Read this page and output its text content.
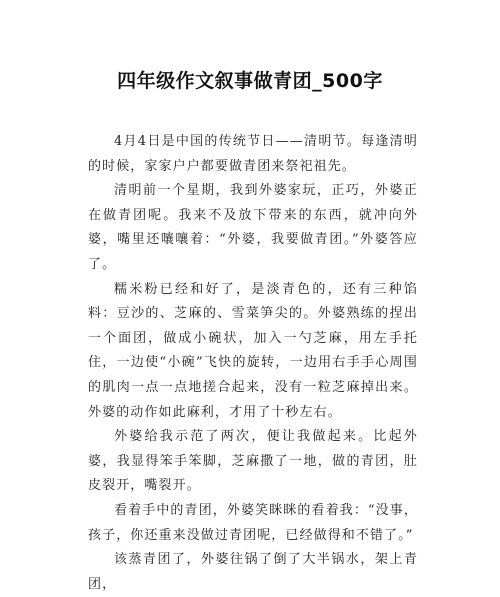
四年级作文叙事做青团_500字

4月4日是中国的传统节日——清明节。每逢清明的时候，家家户户都要做青团来祭祀祖先。

清明前一个星期，我到外婆家玩，正巧，外婆正在做青团呢。我来不及放下带来的东西，就冲向外婆，嘴里还嚷嚷着：“外婆，我要做青团。”外婆答应了。

糯米粉已经和好了，是淡青色的，还有三种馅料：豆沙的、芝麻的、雪菜笋尖的。外婆熟练的捏出一个面团，做成小碗状，加入一勺芝麻，用左手托住，一边使“小碗”飞快的旋转，一边用右手手心周围的肌肉一点一点地搓合起来，没有一粒芝麻掉出来。外婆的动作如此麻利，才用了十秒左右。

外婆给我示范了两次，便让我做起来。比起外婆，我显得笨手笨脚，芝麻撒了一地，做的青团，肚皮裂开，嘴裂开。

看着手中的青团，外婆笑眯眯的看着我：“没事，孩子，你还重来没做过青团呢，已经做得和不错了。”

该蒸青团了，外婆往锅了倒了大半锅水，架上青团，
